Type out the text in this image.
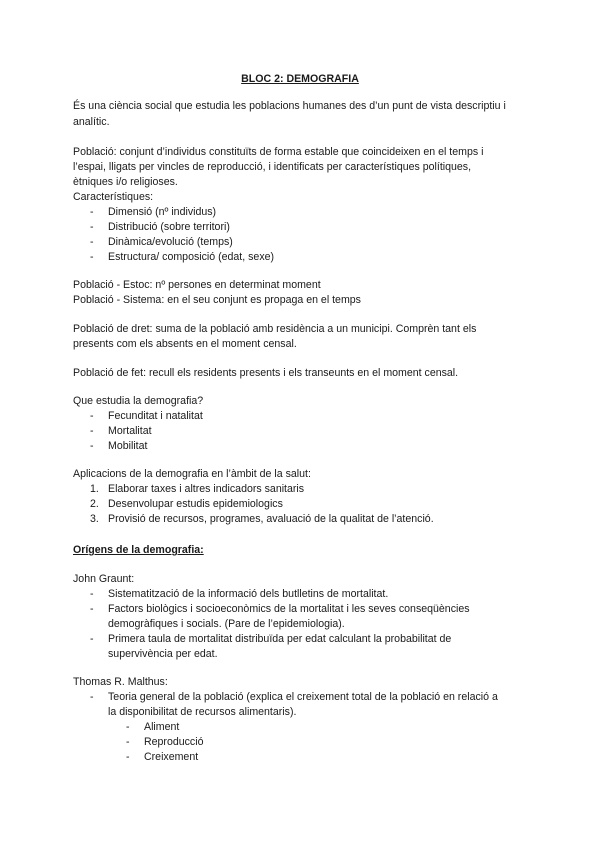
BLOC 2: DEMOGRAFIA
És una ciència social que estudia les poblacions humanes des d’un punt de vista descriptiu i
analític.
Població: conjunt d’individus constituïts de forma estable que coincideixen en el temps i
l’espai, lligats per vincles de reproducció, i identificats per característiques polítiques,
ètniques i/o religioses.
Característiques:
- Dimensió (nº individus)
- Distribució (sobre territori)
- Dinàmica/evolució (temps)
- Estructura/ composició (edat, sexe)
Població - Estoc: nº persones en determinat moment
Població - Sistema: en el seu conjunt es propaga en el temps
Població de dret: suma de la població amb residència a un municipi. Comprèn tant els
presents com els absents en el moment censal.
Població de fet: recull els residents presents i els transeunts en el moment censal.
Que estudia la demografia?
- Fecunditat i natalitat
- Mortalitat
- Mobilitat
Aplicacions de la demografia en l’àmbit de la salut:
1. Elaborar taxes i altres indicadors sanitaris
2. Desenvolupar estudis epidemiologics
3. Provisió de recursos, programes, avaluació de la qualitat de l’atenció.
Orígens de la demografia:
John Graunt:
- Sistematització de la informació dels butlletins de mortalitat.
- Factors biològics i socioeconòmics de la mortalitat i les seves conseqüències
demogràfiques i socials. (Pare de l’epidemiologia).
- Primera taula de mortalitat distribuïda per edat calculant la probabilitat de
supervivència per edat.
Thomas R. Malthus:
- Teoria general de la població (explica el creixement total de la població en relació a
la disponibilitat de recursos alimentaris).
- Aliment
- Reproducció
- Creixement
